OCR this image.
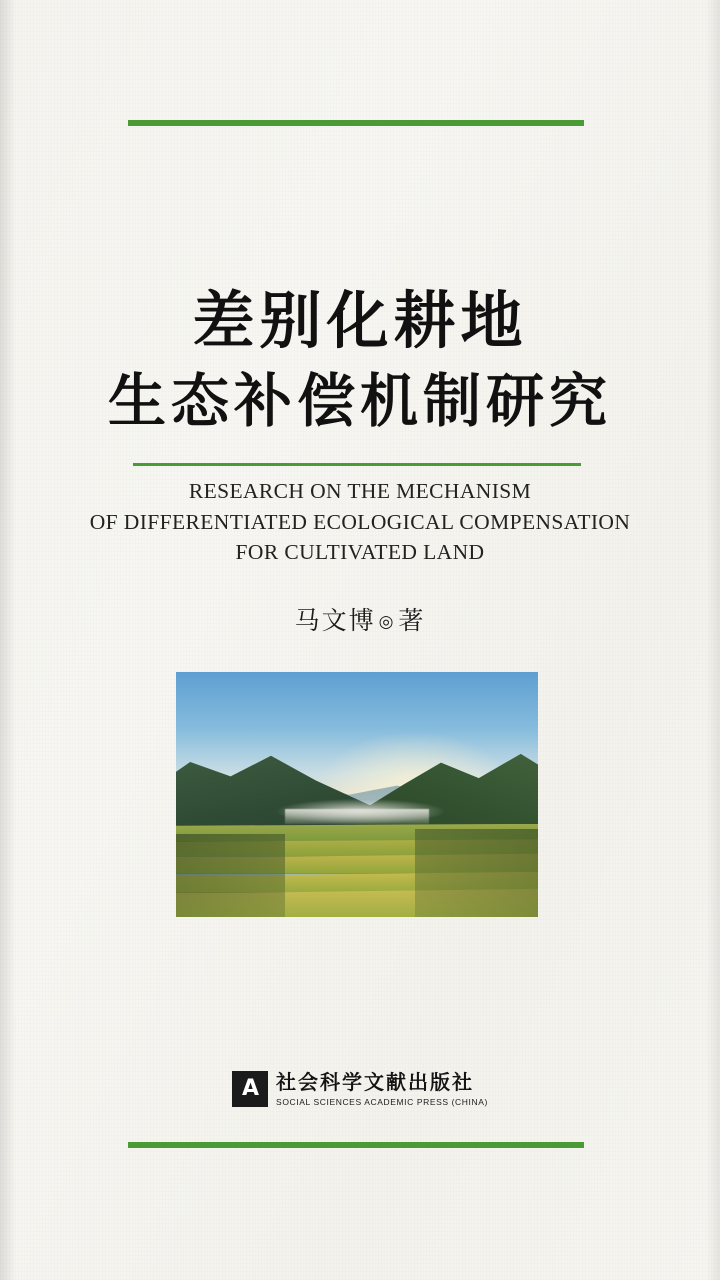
差别化耕地
生态补偿机制研究
RESEARCH ON THE MECHANISM
OF DIFFERENTIATED ECOLOGICAL COMPENSATION
FOR CULTIVATED LAND
马文博 ◎ 著
A 社会科学文献出版社
SOCIAL SCIENCES ACADEMIC PRESS (CHINA)
